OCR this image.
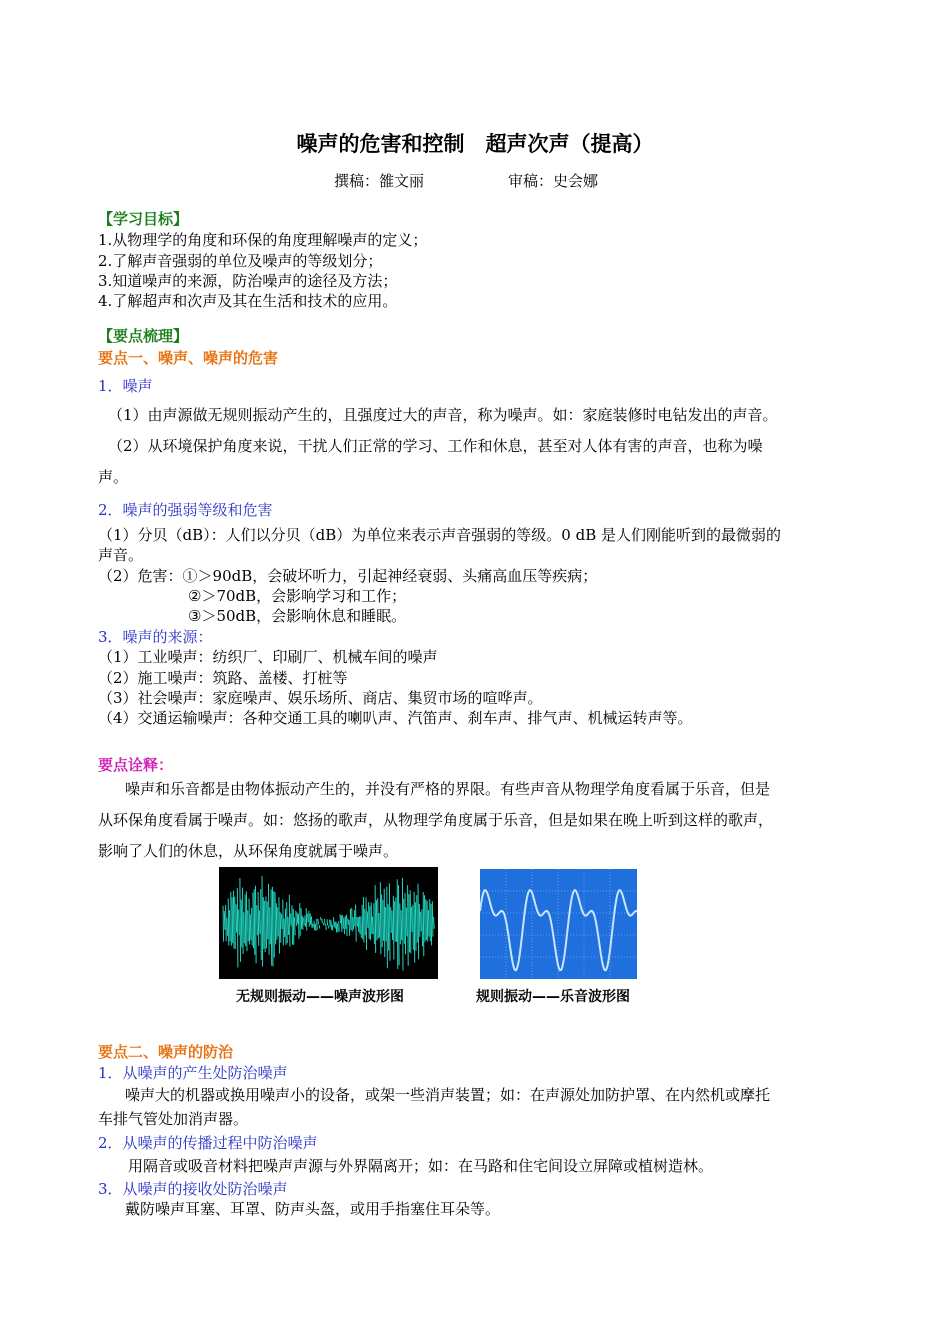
噪声的危害和控制　超声次声（提高）
撰稿：雒文丽	审稿：史会娜
【学习目标】
1.从物理学的角度和环保的角度理解噪声的定义；
2.了解声音强弱的单位及噪声的等级划分；
3.知道噪声的来源，防治噪声的途径及方法；
4.了解超声和次声及其在生活和技术的应用。
【要点梳理】
要点一、噪声、噪声的危害
1．噪声
（1）由声源做无规则振动产生的，且强度过大的声音，称为噪声。如：家庭装修时电钻发出的声音。
（2）从环境保护角度来说，干扰人们正常的学习、工作和休息，甚至对人体有害的声音，也称为噪
声。
2．噪声的强弱等级和危害
（1）分贝（dB）：人们以分贝（dB）为单位来表示声音强弱的等级。0 dB 是人们刚能听到的最微弱的
声音。
（2）危害：①＞90dB，会破坏听力，引起神经衰弱、头痛高血压等疾病；
②＞70dB，会影响学习和工作；
③＞50dB，会影响休息和睡眠。
3．噪声的来源：
（1）工业噪声：纺织厂、印刷厂、机械车间的噪声
（2）施工噪声：筑路、盖楼、打桩等
（3）社会噪声：家庭噪声、娱乐场所、商店、集贸市场的喧哗声。
（4）交通运输噪声：各种交通工具的喇叭声、汽笛声、刹车声、排气声、机械运转声等。
要点诠释：
噪声和乐音都是由物体振动产生的，并没有严格的界限。有些声音从物理学角度看属于乐音，但是
从环保角度看属于噪声。如：悠扬的歌声，从物理学角度属于乐音，但是如果在晚上听到这样的歌声，
影响了人们的休息，从环保角度就属于噪声。
无规则振动——噪声波形图	规则振动——乐音波形图
要点二、噪声的防治
1．从噪声的产生处防治噪声
噪声大的机器或换用噪声小的设备，或架一些消声装置；如：在声源处加防护罩、在内然机或摩托
车排气管处加消声器。
2．从噪声的传播过程中防治噪声
用隔音或吸音材料把噪声声源与外界隔离开；如：在马路和住宅间设立屏障或植树造林。
3．从噪声的接收处防治噪声
戴防噪声耳塞、耳罩、防声头盔，或用手指塞住耳朵等。
